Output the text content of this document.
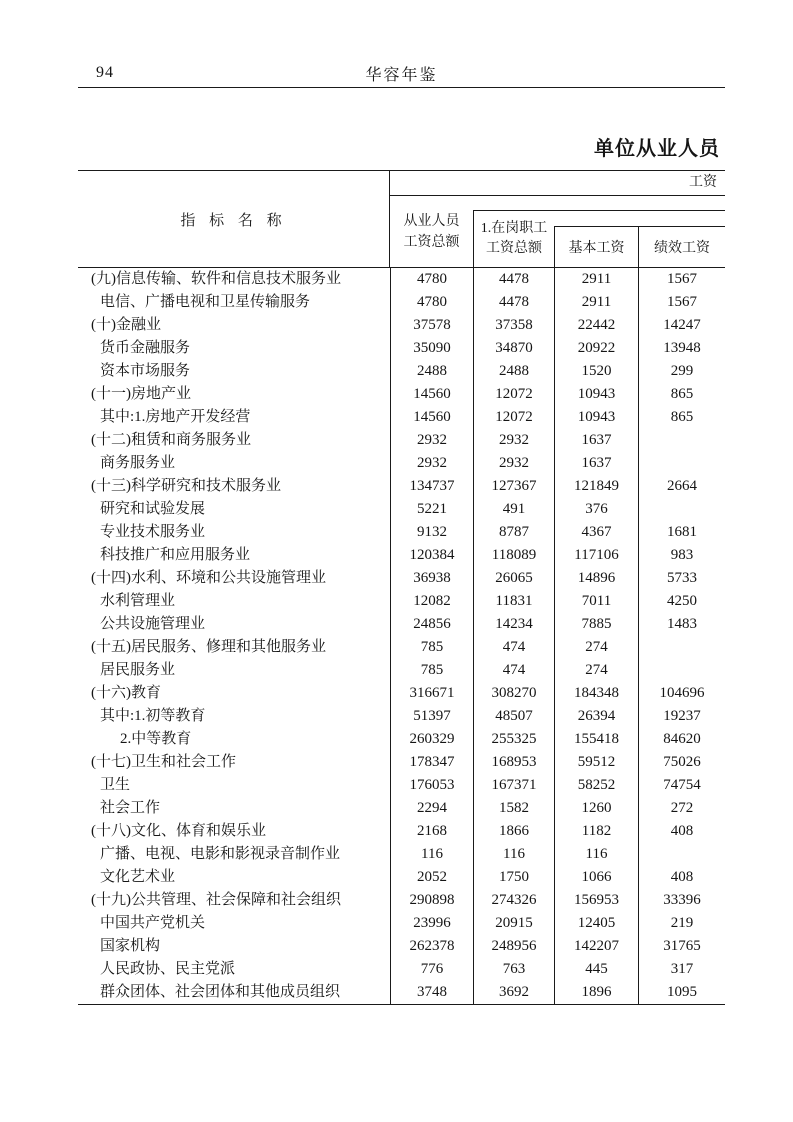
94	华容年鉴
单位从业人员
指 标 名 称
工资
从业人员
工资总额
1.在岗职工
工资总额	基本工资	绩效工资
(九)信息传输、软件和信息技术服务业	4780	4478	2911	1567
电信、广播电视和卫星传输服务	4780	4478	2911	1567
(十)金融业	37578	37358	22442	14247
货币金融服务	35090	34870	20922	13948
资本市场服务	2488	2488	1520	299
(十一)房地产业	14560	12072	10943	865
其中:1.房地产开发经营	14560	12072	10943	865
(十二)租赁和商务服务业	2932	2932	1637
商务服务业	2932	2932	1637
(十三)科学研究和技术服务业	134737	127367	121849	2664
研究和试验发展	5221	491	376
专业技术服务业	9132	8787	4367	1681
科技推广和应用服务业	120384	118089	117106	983
(十四)水利、环境和公共设施管理业	36938	26065	14896	5733
水利管理业	12082	11831	7011	4250
公共设施管理业	24856	14234	7885	1483
(十五)居民服务、修理和其他服务业	785	474	274
居民服务业	785	474	274
(十六)教育	316671	308270	184348	104696
其中:1.初等教育	51397	48507	26394	19237
2.中等教育	260329	255325	155418	84620
(十七)卫生和社会工作	178347	168953	59512	75026
卫生	176053	167371	58252	74754
社会工作	2294	1582	1260	272
(十八)文化、体育和娱乐业	2168	1866	1182	408
广播、电视、电影和影视录音制作业	116	116	116
文化艺术业	2052	1750	1066	408
(十九)公共管理、社会保障和社会组织	290898	274326	156953	33396
中国共产党机关	23996	20915	12405	219
国家机构	262378	248956	142207	31765
人民政协、民主党派	776	763	445	317
群众团体、社会团体和其他成员组织	3748	3692	1896	1095
